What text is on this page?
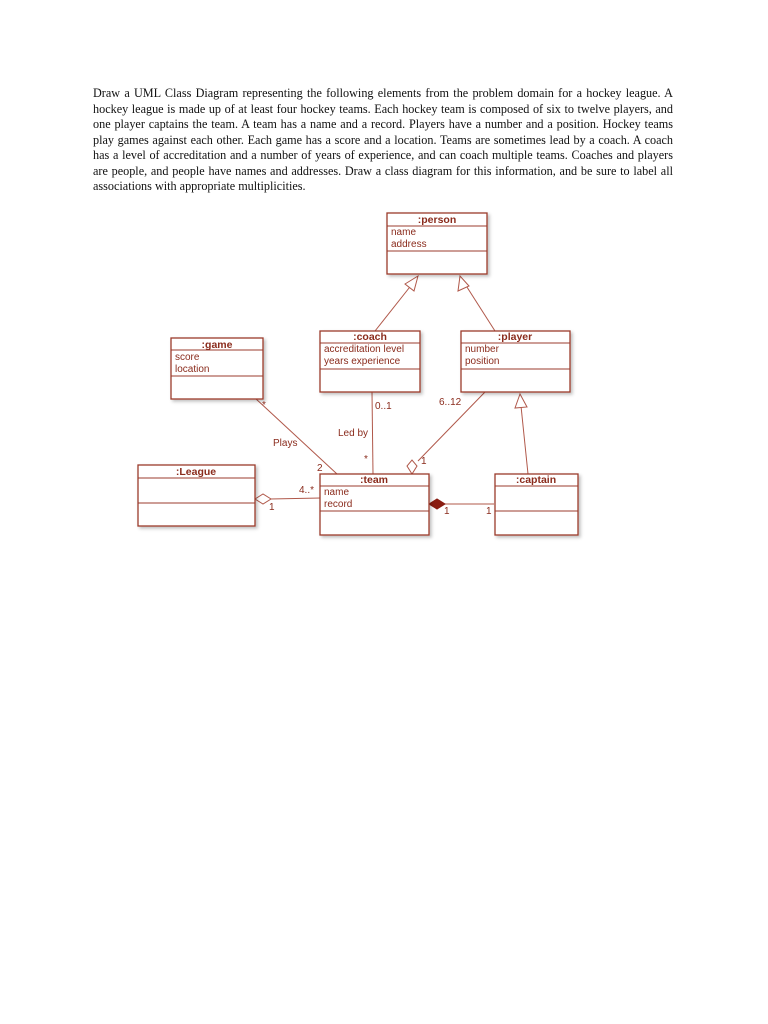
Draw a UML Class Diagram representing the following elements from the problem domain for a hockey league. A hockey league is made up of at least four hockey teams. Each hockey team is composed of six to twelve players, and one player captains the team. A team has a name and a record. Players have a number and a position. Hockey teams play games against each other. Each game has a score and a location. Teams are sometimes lead by a coach. A coach has a level of accreditation and a number of years of experience, and can coach multiple teams. Coaches and players are people, and people have names and addresses. Draw a class diagram for this information, and be sure to label all associations with appropriate multiplicities.

:person
name
address
:game
score
location
:coach
accreditation level
years experience
:player
number
position
:League
:team
name
record
:captain
*
Plays
2
0..1
Led by
*
6..12
1
4..*
1	1	1
